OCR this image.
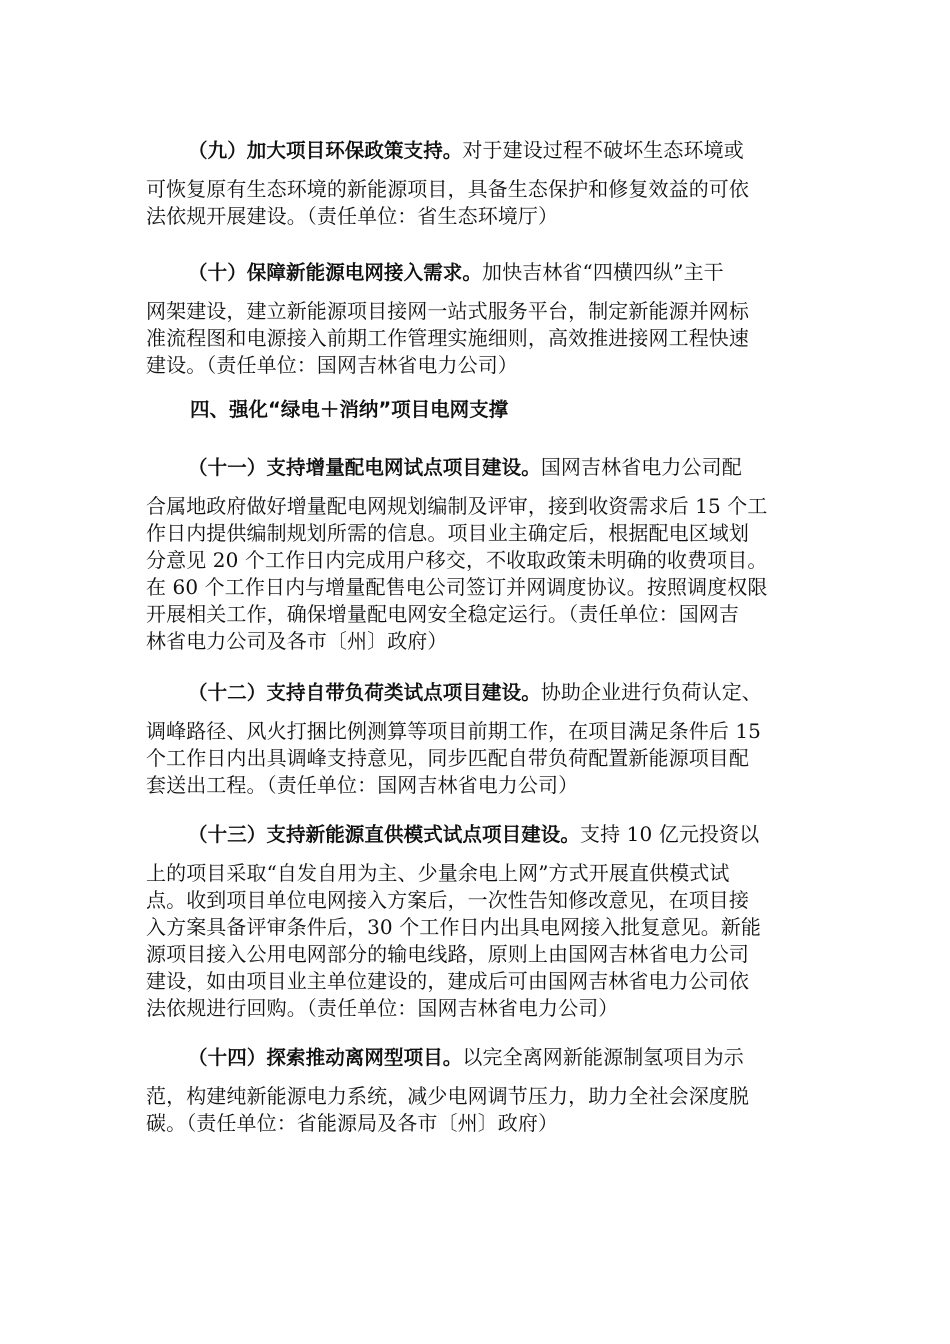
（九）加大项目环保政策支持。对于建设过程不破坏生态环境或
可恢复原有生态环境的新能源项目，具备生态保护和修复效益的可依
法依规开展建设。（责任单位：省生态环境厅）
（十）保障新能源电网接入需求。加快吉林省“四横四纵”主干
网架建设，建立新能源项目接网一站式服务平台，制定新能源并网标
准流程图和电源接入前期工作管理实施细则，高效推进接网工程快速
建设。（责任单位：国网吉林省电力公司）
四、强化“绿电＋消纳”项目电网支撑
（十一）支持增量配电网试点项目建设。国网吉林省电力公司配
合属地政府做好增量配电网规划编制及评审，接到收资需求后 15 个工
作日内提供编制规划所需的信息。项目业主确定后，根据配电区域划
分意见 20 个工作日内完成用户移交，不收取政策未明确的收费项目。
在 60 个工作日内与增量配售电公司签订并网调度协议。按照调度权限
开展相关工作，确保增量配电网安全稳定运行。（责任单位：国网吉
林省电力公司及各市〔州〕政府）
（十二）支持自带负荷类试点项目建设。协助企业进行负荷认定、
调峰路径、风火打捆比例测算等项目前期工作，在项目满足条件后 15
个工作日内出具调峰支持意见，同步匹配自带负荷配置新能源项目配
套送出工程。（责任单位：国网吉林省电力公司）
（十三）支持新能源直供模式试点项目建设。支持 10 亿元投资以
上的项目采取“自发自用为主、少量余电上网”方式开展直供模式试
点。收到项目单位电网接入方案后，一次性告知修改意见，在项目接
入方案具备评审条件后，30 个工作日内出具电网接入批复意见。新能
源项目接入公用电网部分的输电线路，原则上由国网吉林省电力公司
建设，如由项目业主单位建设的，建成后可由国网吉林省电力公司依
法依规进行回购。（责任单位：国网吉林省电力公司）
（十四）探索推动离网型项目。以完全离网新能源制氢项目为示
范，构建纯新能源电力系统，减少电网调节压力，助力全社会深度脱
碳。（责任单位：省能源局及各市〔州〕政府）
